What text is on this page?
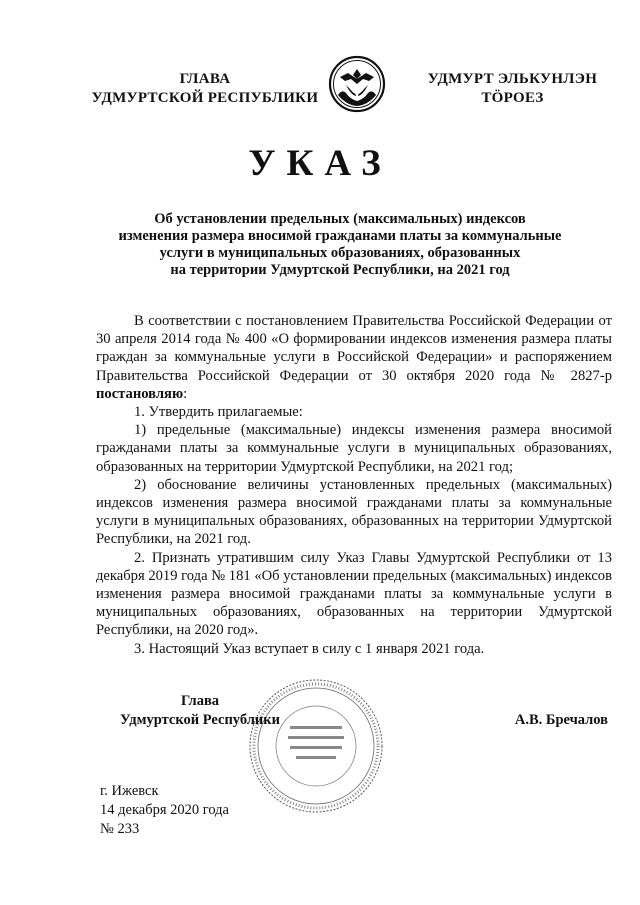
ГЛАВА
УДМУРТСКОЙ РЕСПУБЛИКИ
УДМУРТ ЭЛЬКУНЛЭН
ТӦРОЕЗ
УКАЗ
Об установлении предельных (максимальных) индексов
изменения размера вносимой гражданами платы за коммунальные
услуги в муниципальных образованиях, образованных
на территории Удмуртской Республики, на 2021 год

В соответствии с постановлением Правительства Российской Федерации от 30 апреля 2014 года № 400 «О формировании индексов изменения размера платы граждан за коммунальные услуги в Российской Федерации» и распоряжением Правительства Российской Федерации от 30 октября 2020 года № 2827-р постановляю:

1. Утвердить прилагаемые:

1) предельные (максимальные) индексы изменения размера вносимой гражданами платы за коммунальные услуги в муниципальных образованиях, образованных на территории Удмуртской Республики, на 2021 год;

2) обоснование величины установленных предельных (максимальных) индексов изменения размера вносимой гражданами платы за коммунальные услуги в муниципальных образованиях, образованных на территории Удмуртской Республики, на 2021 год.

2. Признать утратившим силу Указ Главы Удмуртской Республики от 13 декабря 2019 года № 181 «Об установлении предельных (максимальных) индексов изменения размера вносимой гражданами платы за коммунальные услуги в муниципальных образованиях, образованных на территории Удмуртской Республики, на 2020 год».

3. Настоящий Указ вступает в силу с 1 января 2021 года.

Глава
Удмуртской Республики	А.В. Бречалов
г. Ижевск
14 декабря 2020 года
№ 233
